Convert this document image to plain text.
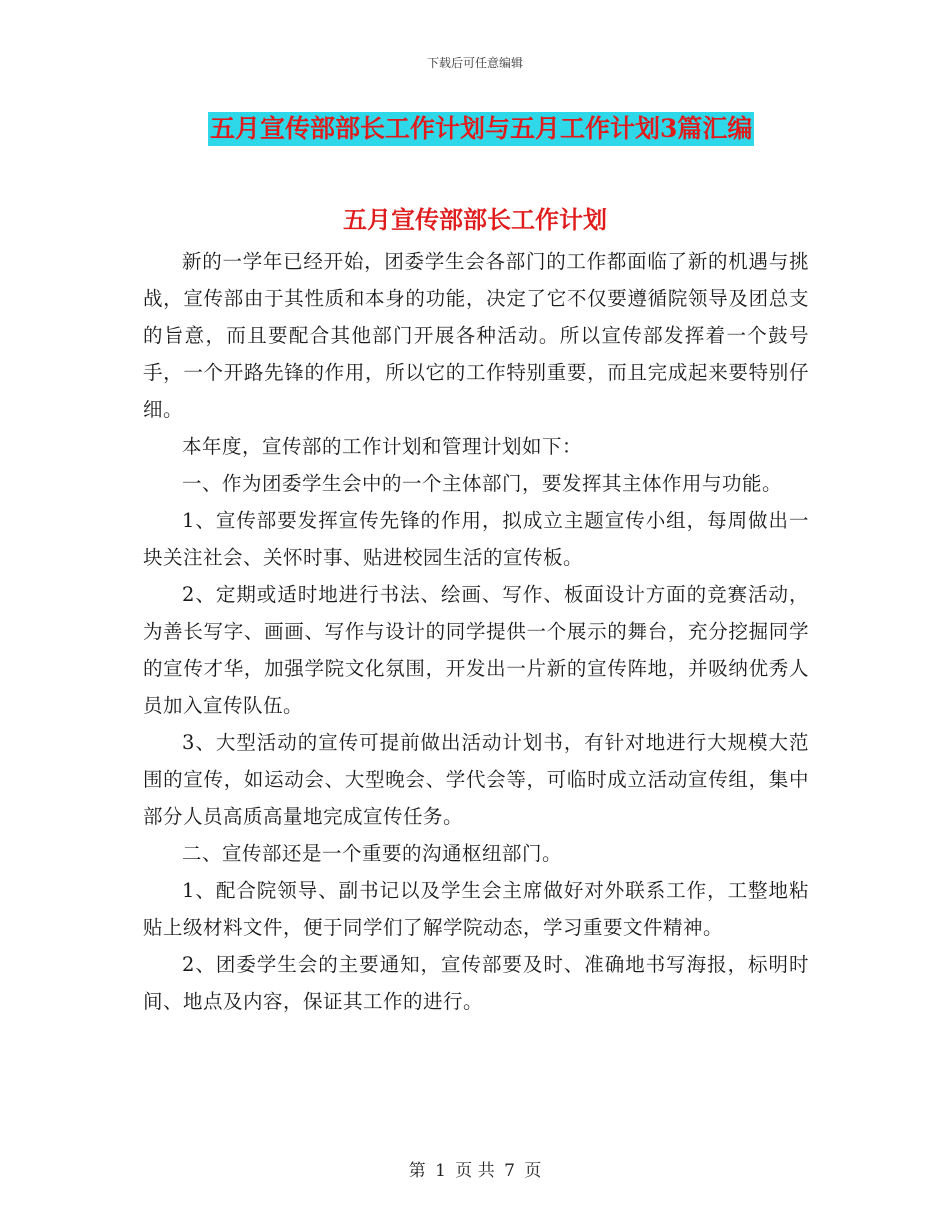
下载后可任意编辑
五月宣传部部长工作计划与五月工作计划3篇汇编
五月宣传部部长工作计划

新的一学年已经开始，团委学生会各部门的工作都面临了新的机遇与挑战，宣传部由于其性质和本身的功能，决定了它不仅要遵循院领导及团总支的旨意，而且要配合其他部门开展各种活动。所以宣传部发挥着一个鼓号手，一个开路先锋的作用，所以它的工作特别重要，而且完成起来要特别仔细。

本年度，宣传部的工作计划和管理计划如下：

一、作为团委学生会中的一个主体部门，要发挥其主体作用与功能。

1、宣传部要发挥宣传先锋的作用，拟成立主题宣传小组，每周做出一块关注社会、关怀时事、贴进校园生活的宣传板。

2、定期或适时地进行书法、绘画、写作、板面设计方面的竞赛活动，为善长写字、画画、写作与设计的同学提供一个展示的舞台，充分挖掘同学的宣传才华，加强学院文化氛围，开发出一片新的宣传阵地，并吸纳优秀人员加入宣传队伍。

3、大型活动的宣传可提前做出活动计划书，有针对地进行大规模大范围的宣传，如运动会、大型晚会、学代会等，可临时成立活动宣传组，集中部分人员高质高量地完成宣传任务。

二、宣传部还是一个重要的沟通枢纽部门。

1、配合院领导、副书记以及学生会主席做好对外联系工作，工整地粘贴上级材料文件，便于同学们了解学院动态，学习重要文件精神。

2、团委学生会的主要通知，宣传部要及时、准确地书写海报，标明时间、地点及内容，保证其工作的进行。

第 1 页 共 7 页
